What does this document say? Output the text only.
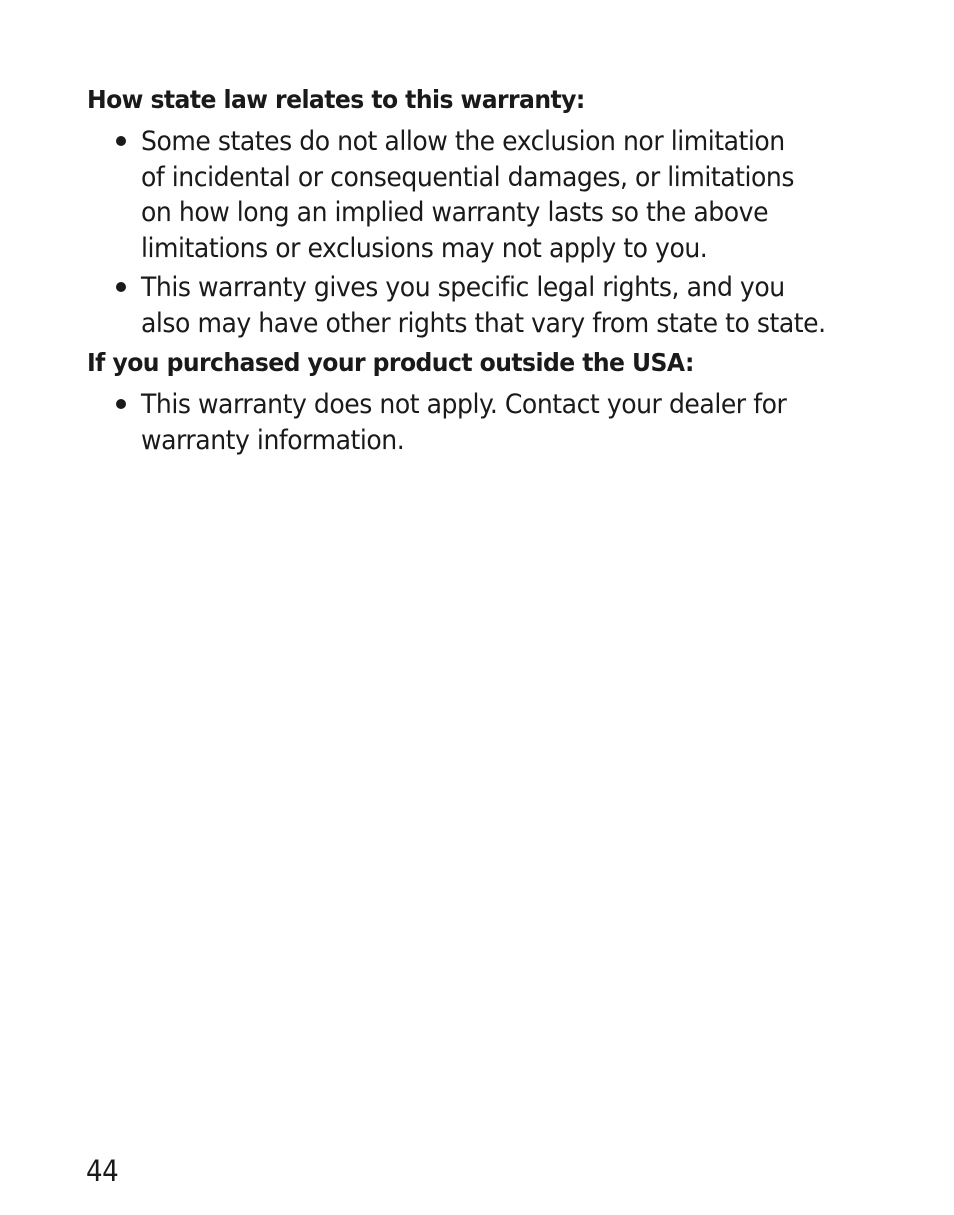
How state law relates to this warranty:
Some states do not allow the exclusion nor limitation
of incidental or consequential damages, or limitations
on how long an implied warranty lasts so the above
limitations or exclusions may not apply to you.
This warranty gives you specific legal rights, and you
also may have other rights that vary from state to state.
If you purchased your product outside the USA:
This warranty does not apply. Contact your dealer for
warranty information.
44
